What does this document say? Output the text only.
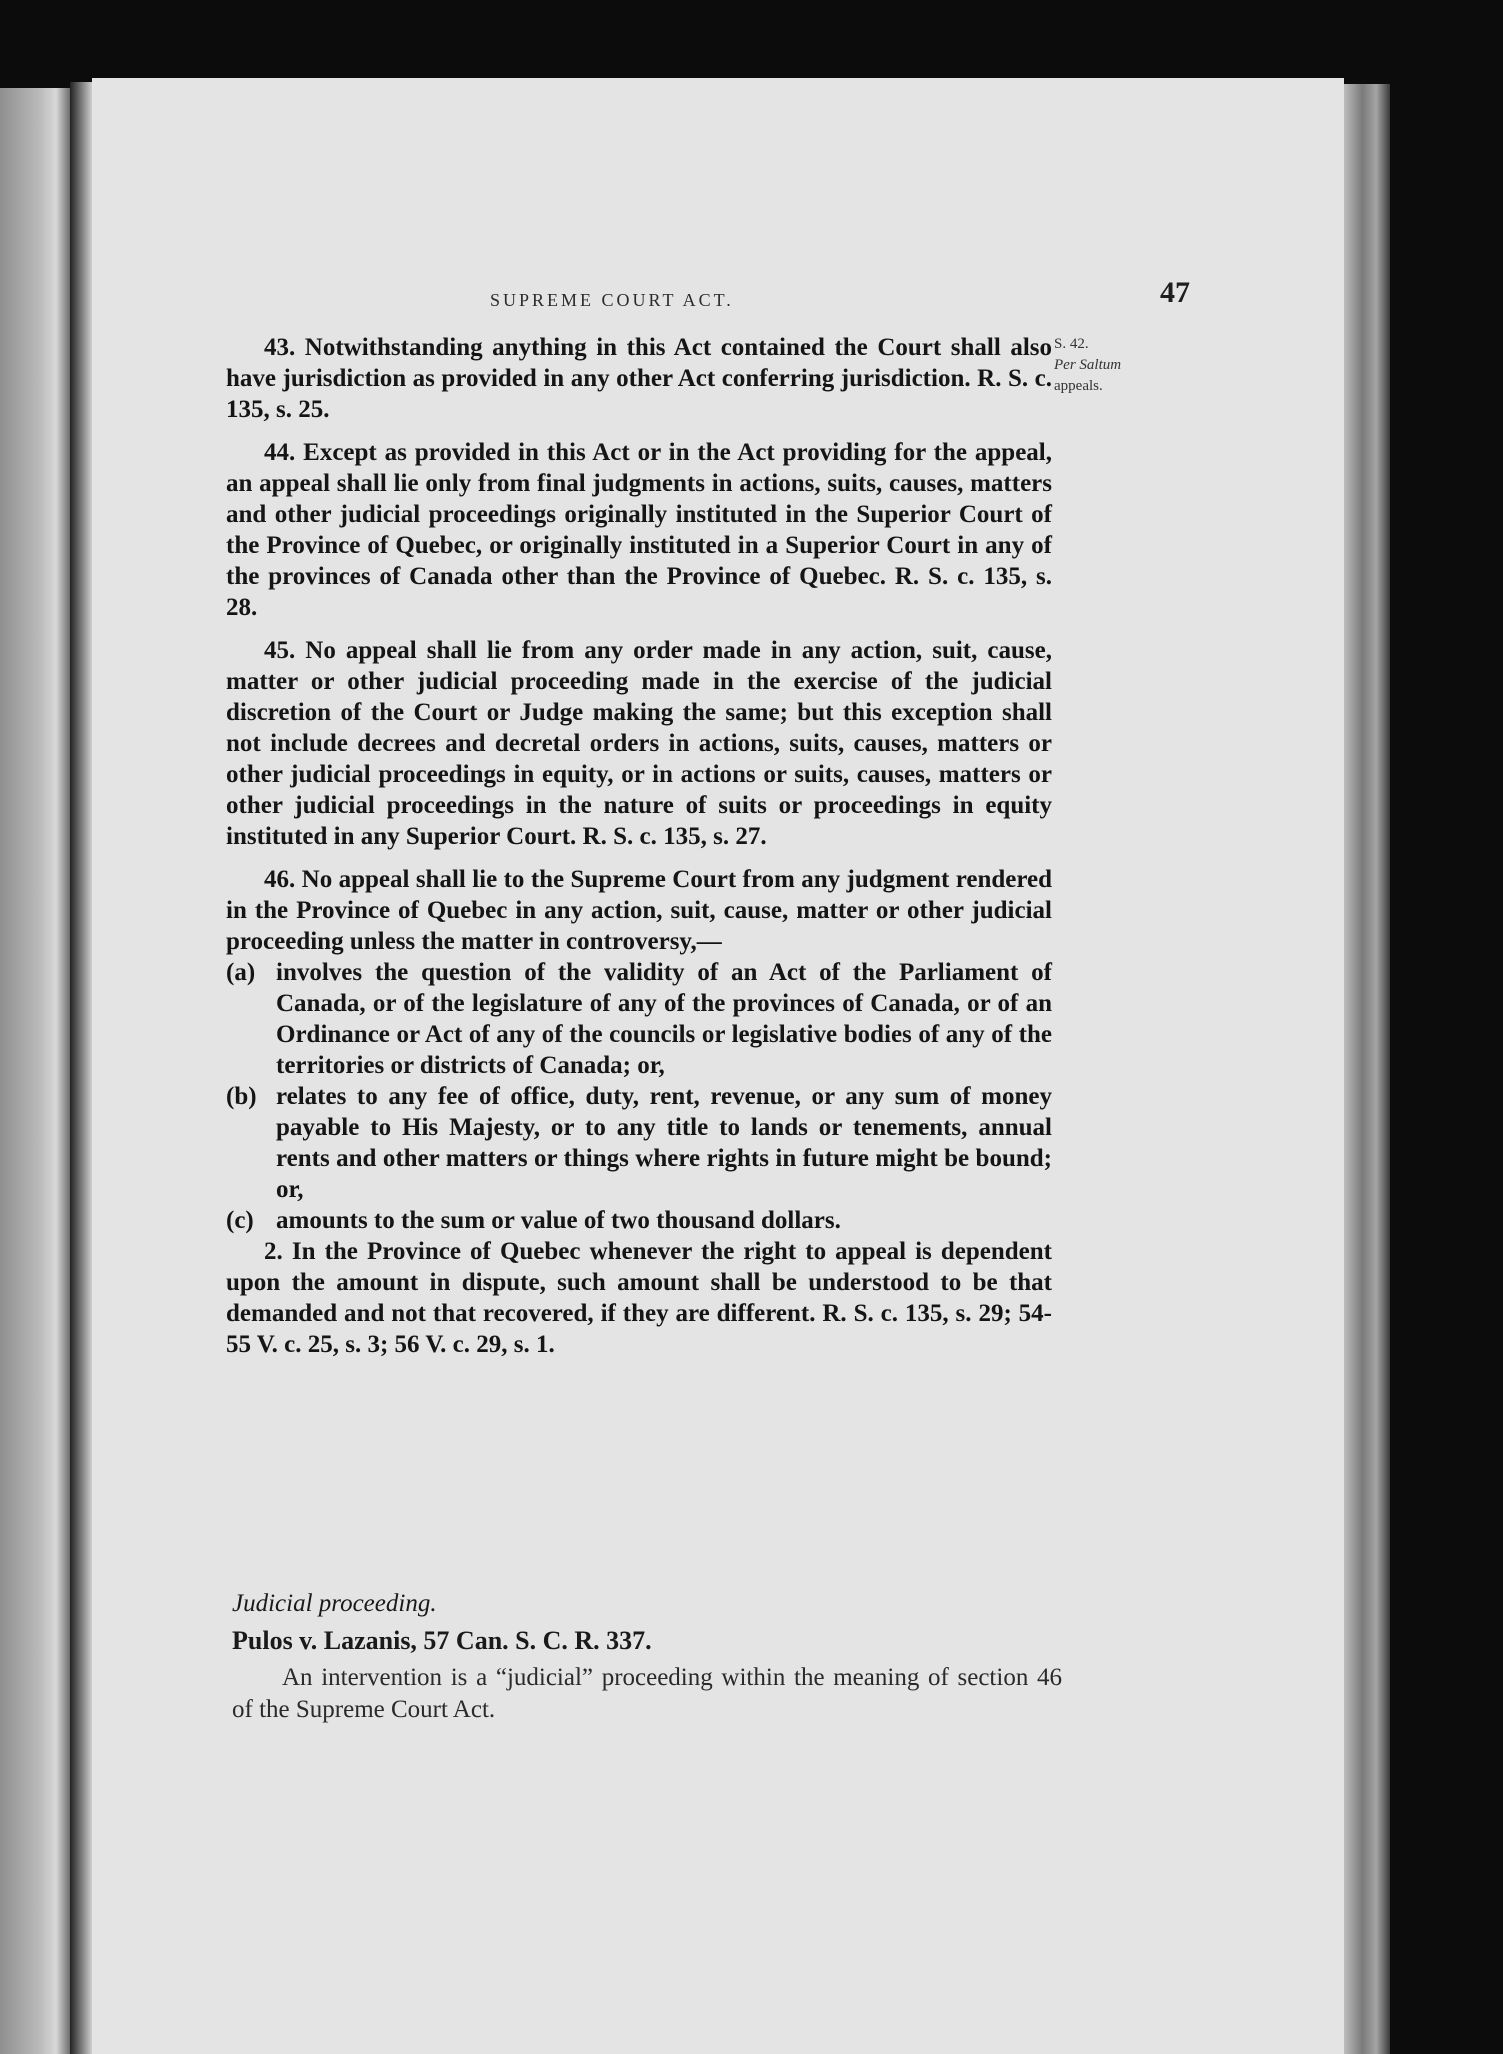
SUPREME COURT ACT.	47
S. 42.
Per Saltum
appeals.

43. Notwithstanding anything in this Act contained the Court shall also have jurisdiction as provided in any other Act conferring jurisdiction. R. S. c. 135, s. 25.

44. Except as provided in this Act or in the Act providing for the appeal, an appeal shall lie only from final judgments in actions, suits, causes, matters and other judicial proceedings originally instituted in the Superior Court of the Province of Quebec, or originally instituted in a Superior Court in any of the provinces of Canada other than the Province of Quebec. R. S. c. 135, s. 28.

45. No appeal shall lie from any order made in any action, suit, cause, matter or other judicial proceeding made in the exercise of the judicial discretion of the Court or Judge making the same; but this exception shall not include decrees and decretal orders in actions, suits, causes, matters or other judicial proceedings in equity, or in actions or suits, causes, matters or other judicial proceedings in the nature of suits or proceedings in equity instituted in any Superior Court. R. S. c. 135, s. 27.

46. No appeal shall lie to the Supreme Court from any judgment rendered in the Province of Quebec in any action, suit, cause, matter or other judicial proceeding unless the matter in controversy,—

(a) involves the question of the validity of an Act of the Parliament of Canada, or of the legislature of any of the provinces of Canada, or of an Ordinance or Act of any of the councils or legislative bodies of any of the territories or districts of Canada; or,

(b) relates to any fee of office, duty, rent, revenue, or any sum of money payable to His Majesty, or to any title to lands or tenements, annual rents and other matters or things where rights in future might be bound; or,

(c) amounts to the sum or value of two thousand dollars.

2. In the Province of Quebec whenever the right to appeal is dependent upon the amount in dispute, such amount shall be understood to be that demanded and not that recovered, if they are different. R. S. c. 135, s. 29; 54-55 V. c. 25, s. 3; 56 V. c. 29, s. 1.

Judicial proceeding.
Pulos v. Lazanis, 57 Can. S. C. R. 337.
An intervention is a “judicial” proceeding within the meaning of section 46 of the Supreme Court Act.
